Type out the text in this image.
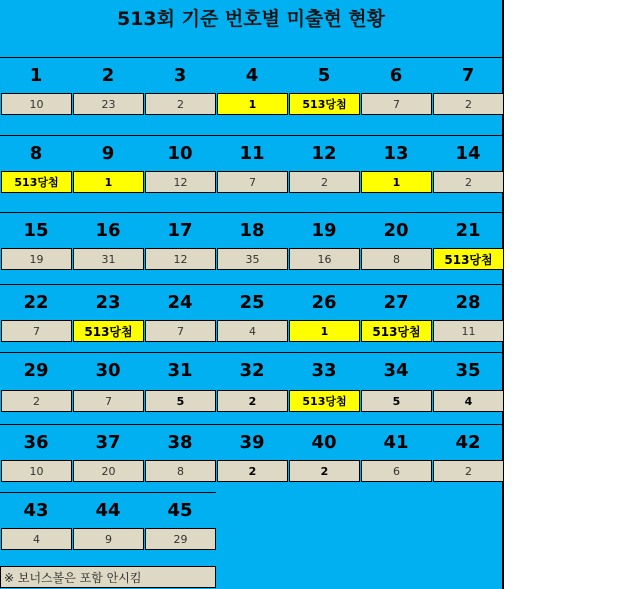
513회 기준 번호별 미출현 현황
1	2	3	4	5	6	7
10	23	2	1	513당첨	7	2
8	9	10	11	12	13	14
513당첨	1	12	7	2	1	2
15	16	17	18	19	20	21
19	31	12	35	16	8	513당첨
22	23	24	25	26	27	28
7	513당첨	7	4	1	513당첨	11
29	30	31	32	33	34	35
2	7	5	2	513당첨	5	4
36	37	38	39	40	41	42
10	20	8	2	2	6	2
43	44	45
4	9	29
※ 보너스볼은 포함 안시킴
